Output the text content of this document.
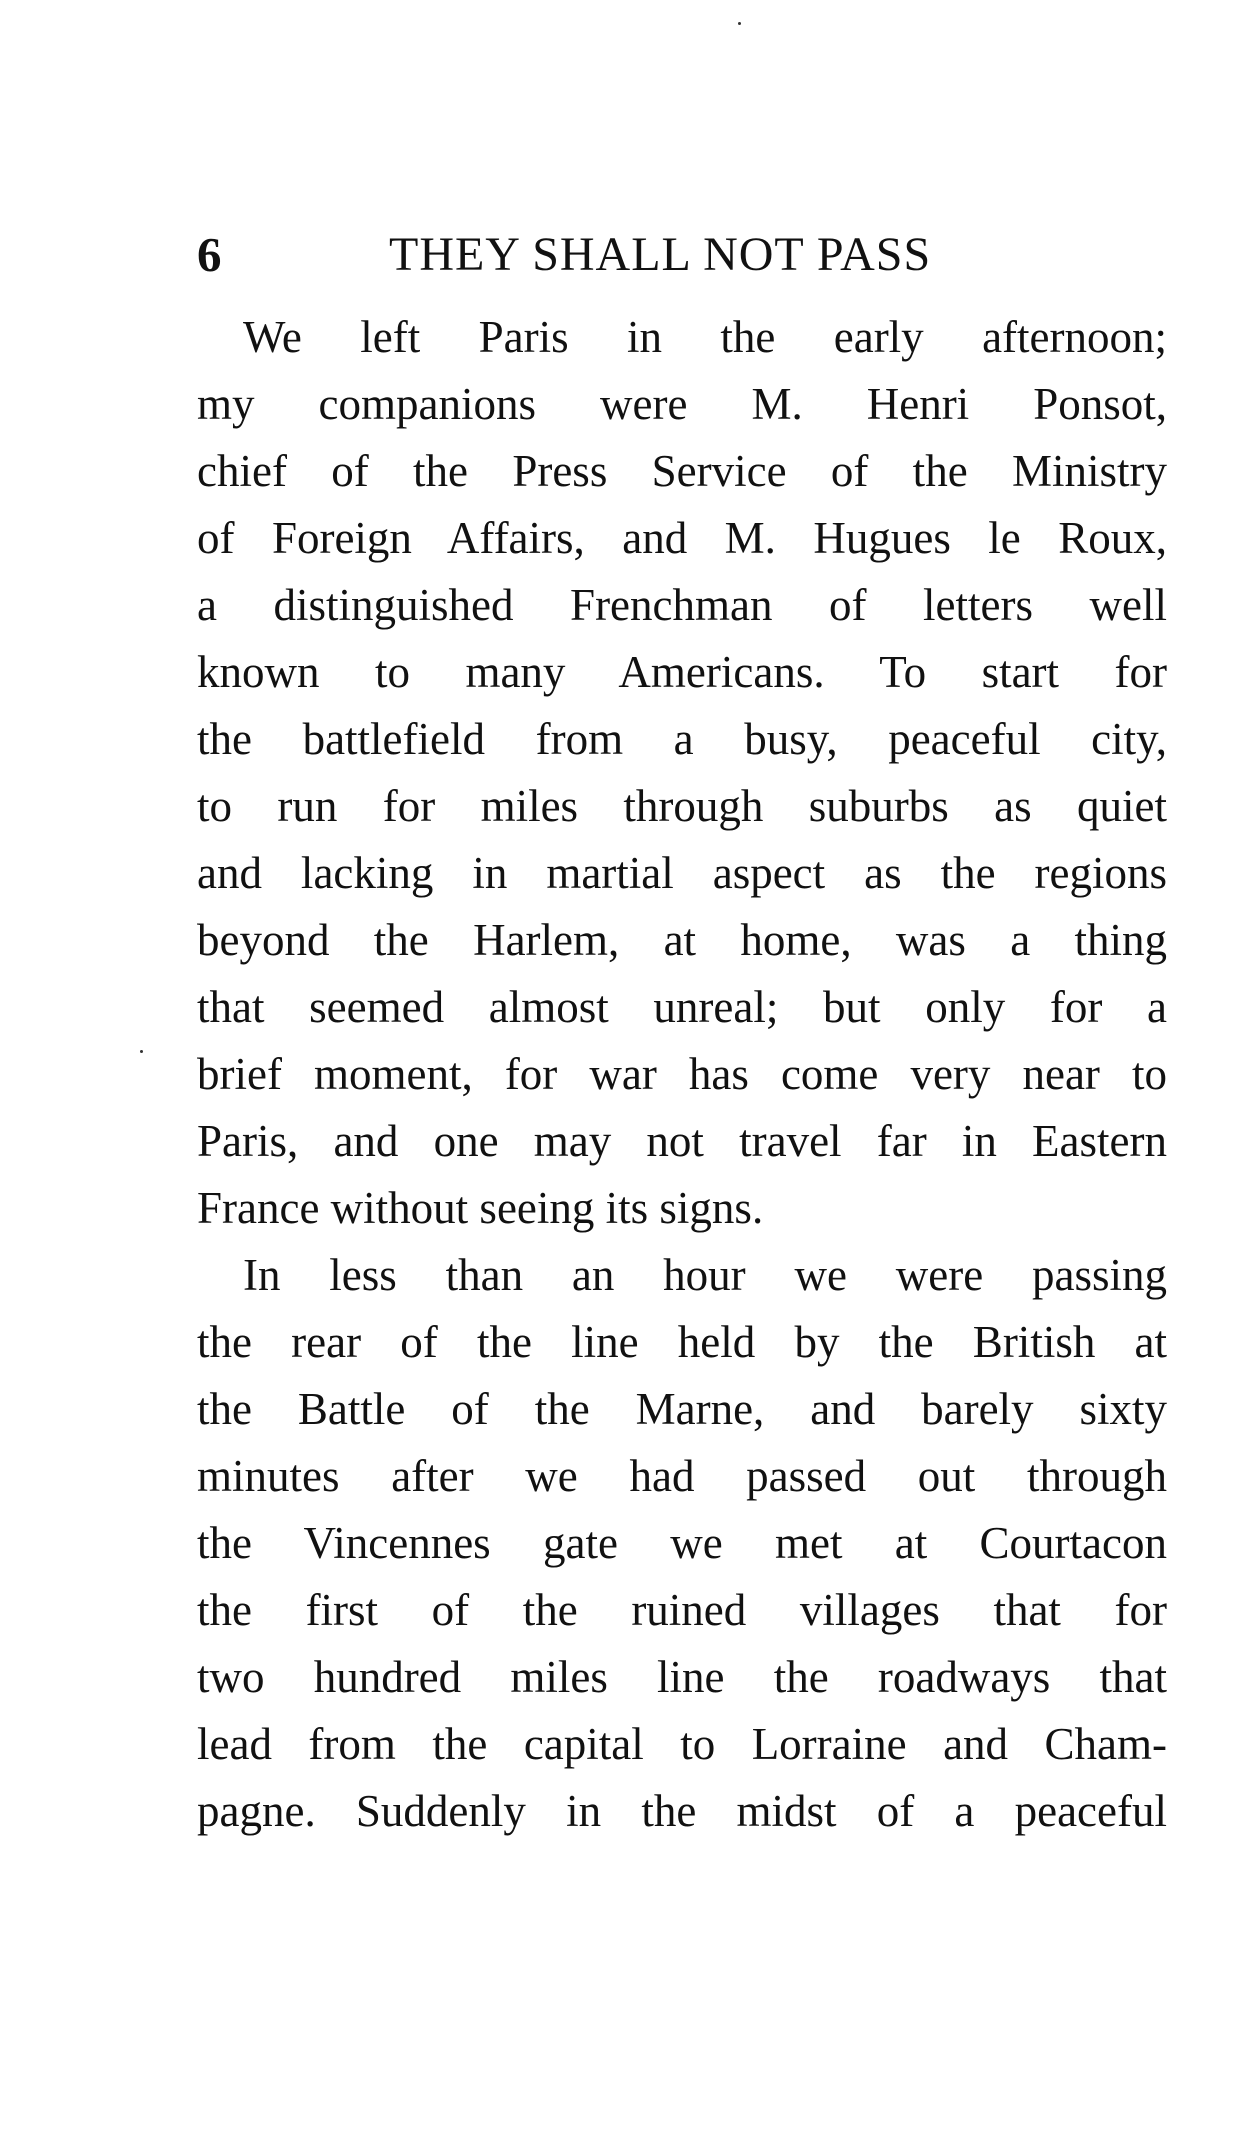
6	THEY SHALL NOT PASS
We left Paris in the early afternoon;
my companions were M. Henri Ponsot,
chief of the Press Service of the Ministry
of Foreign Affairs, and M. Hugues le Roux,
a distinguished Frenchman of letters well
known to many Americans. To start for
the battlefield from a busy, peaceful city,
to run for miles through suburbs as quiet
and lacking in martial aspect as the regions
beyond the Harlem, at home, was a thing
that seemed almost unreal; but only for a
brief moment, for war has come very near to
Paris, and one may not travel far in Eastern
France without seeing its signs.
In less than an hour we were passing
the rear of the line held by the British at
the Battle of the Marne, and barely sixty
minutes after we had passed out through
the Vincennes gate we met at Courtacon
the first of the ruined villages that for
two hundred miles line the roadways that
lead from the capital to Lorraine and Cham-
pagne. Suddenly in the midst of a peaceful
